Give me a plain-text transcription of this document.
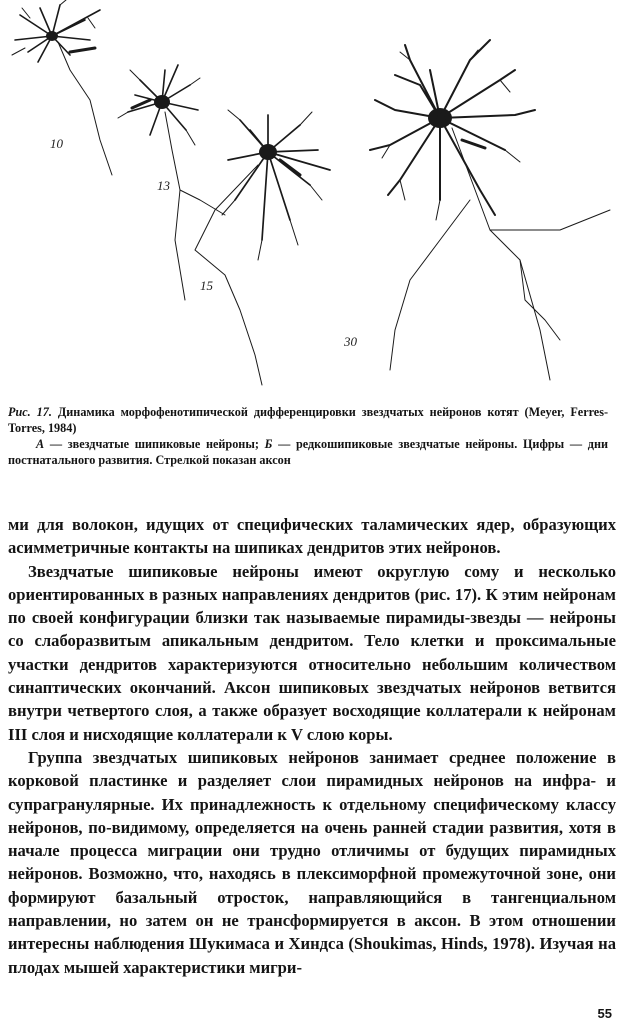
10
13
15
30

Рис. 17. Динамика морфофенотипической дифференцировки звездчатых нейронов котят (Meyer, Ferres-Torres, 1984)

А — звездчатые шипиковые нейроны; Б — редкошипиковые звездчатые нейроны. Цифры — дни постнатального развития. Стрелкой показан аксон

ми для волокон, идущих от специфических таламических ядер, образующих асимметричные контакты на шипиках дендритов этих нейронов.

Звездчатые шипиковые нейроны имеют округлую сому и несколько ориентированных в разных направлениях дендритов (рис. 17). К этим нейронам по своей конфигурации близки так называемые пирамиды-звезды — нейроны со слаборазвитым апикальным дендритом. Тело клетки и проксимальные участки дендритов характеризуются относительно небольшим количеством синаптических окончаний. Аксон шипиковых звездчатых нейронов ветвится внутри четвертого слоя, а также образует восходящие коллатерали к нейронам III слоя и нисходящие коллатерали к V слою коры.

Группа звездчатых шипиковых нейронов занимает среднее положение в корковой пластинке и разделяет слои пирамидных нейронов на инфра- и супрагранулярные. Их принадлежность к отдельному специфическому классу нейронов, по-видимому, определяется на очень ранней стадии развития, хотя в начале процесса миграции они трудно отличимы от будущих пирамидных нейронов. Возможно, что, находясь в плексиморфной промежуточной зоне, они формируют базальный отросток, направляющийся в тангенциальном направлении, но затем он не трансформируется в аксон. В этом отношении интересны наблюдения Шукимаса и Хиндса (Shoukimas, Hinds, 1978). Изучая на плодах мышей характеристики мигри-

55
